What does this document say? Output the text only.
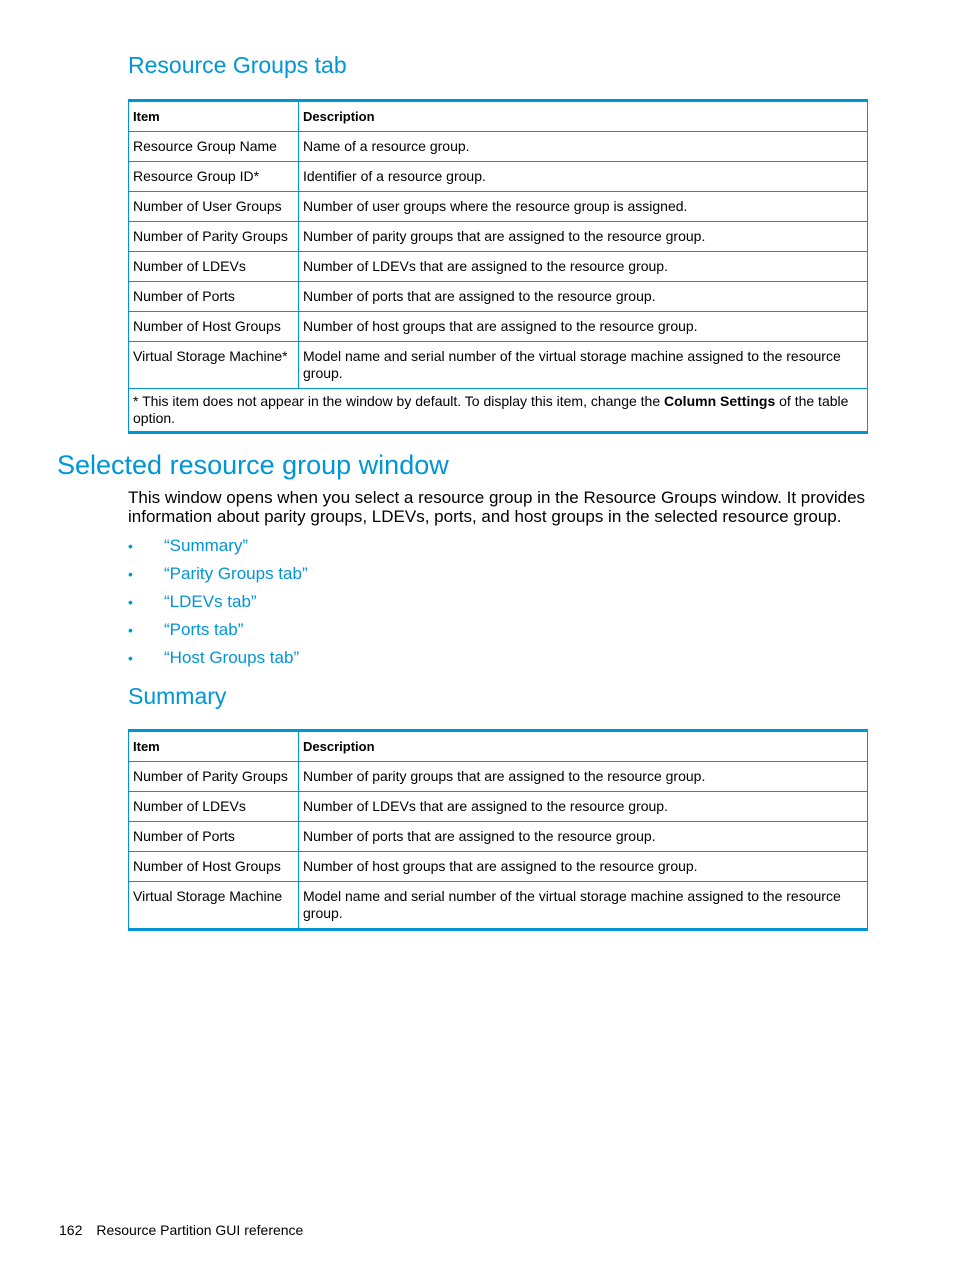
Resource Groups tab
Item	Description
Resource Group Name	Name of a resource group.
Resource Group ID*	Identifier of a resource group.
Number of User Groups	Number of user groups where the resource group is assigned.
Number of Parity Groups	Number of parity groups that are assigned to the resource group.
Number of LDEVs	Number of LDEVs that are assigned to the resource group.
Number of Ports	Number of ports that are assigned to the resource group.
Number of Host Groups	Number of host groups that are assigned to the resource group.
Virtual Storage Machine*	Model name and serial number of the virtual storage machine assigned to the resource group.
* This item does not appear in the window by default. To display this item, change the Column Settings of the table option.	
Selected resource group window

This window opens when you select a resource group in the Resource Groups window. It provides information about parity groups, LDEVs, ports, and host groups in the selected resource group.

• “Summary”
• “Parity Groups tab”
• “LDEVs tab”
• “Ports tab”
• “Host Groups tab”
Summary
Item	Description
Number of Parity Groups	Number of parity groups that are assigned to the resource group.
Number of LDEVs	Number of LDEVs that are assigned to the resource group.
Number of Ports	Number of ports that are assigned to the resource group.
Number of Host Groups	Number of host groups that are assigned to the resource group.
Virtual Storage Machine	Model name and serial number of the virtual storage machine assigned to the resource group.
162 Resource Partition GUI reference
